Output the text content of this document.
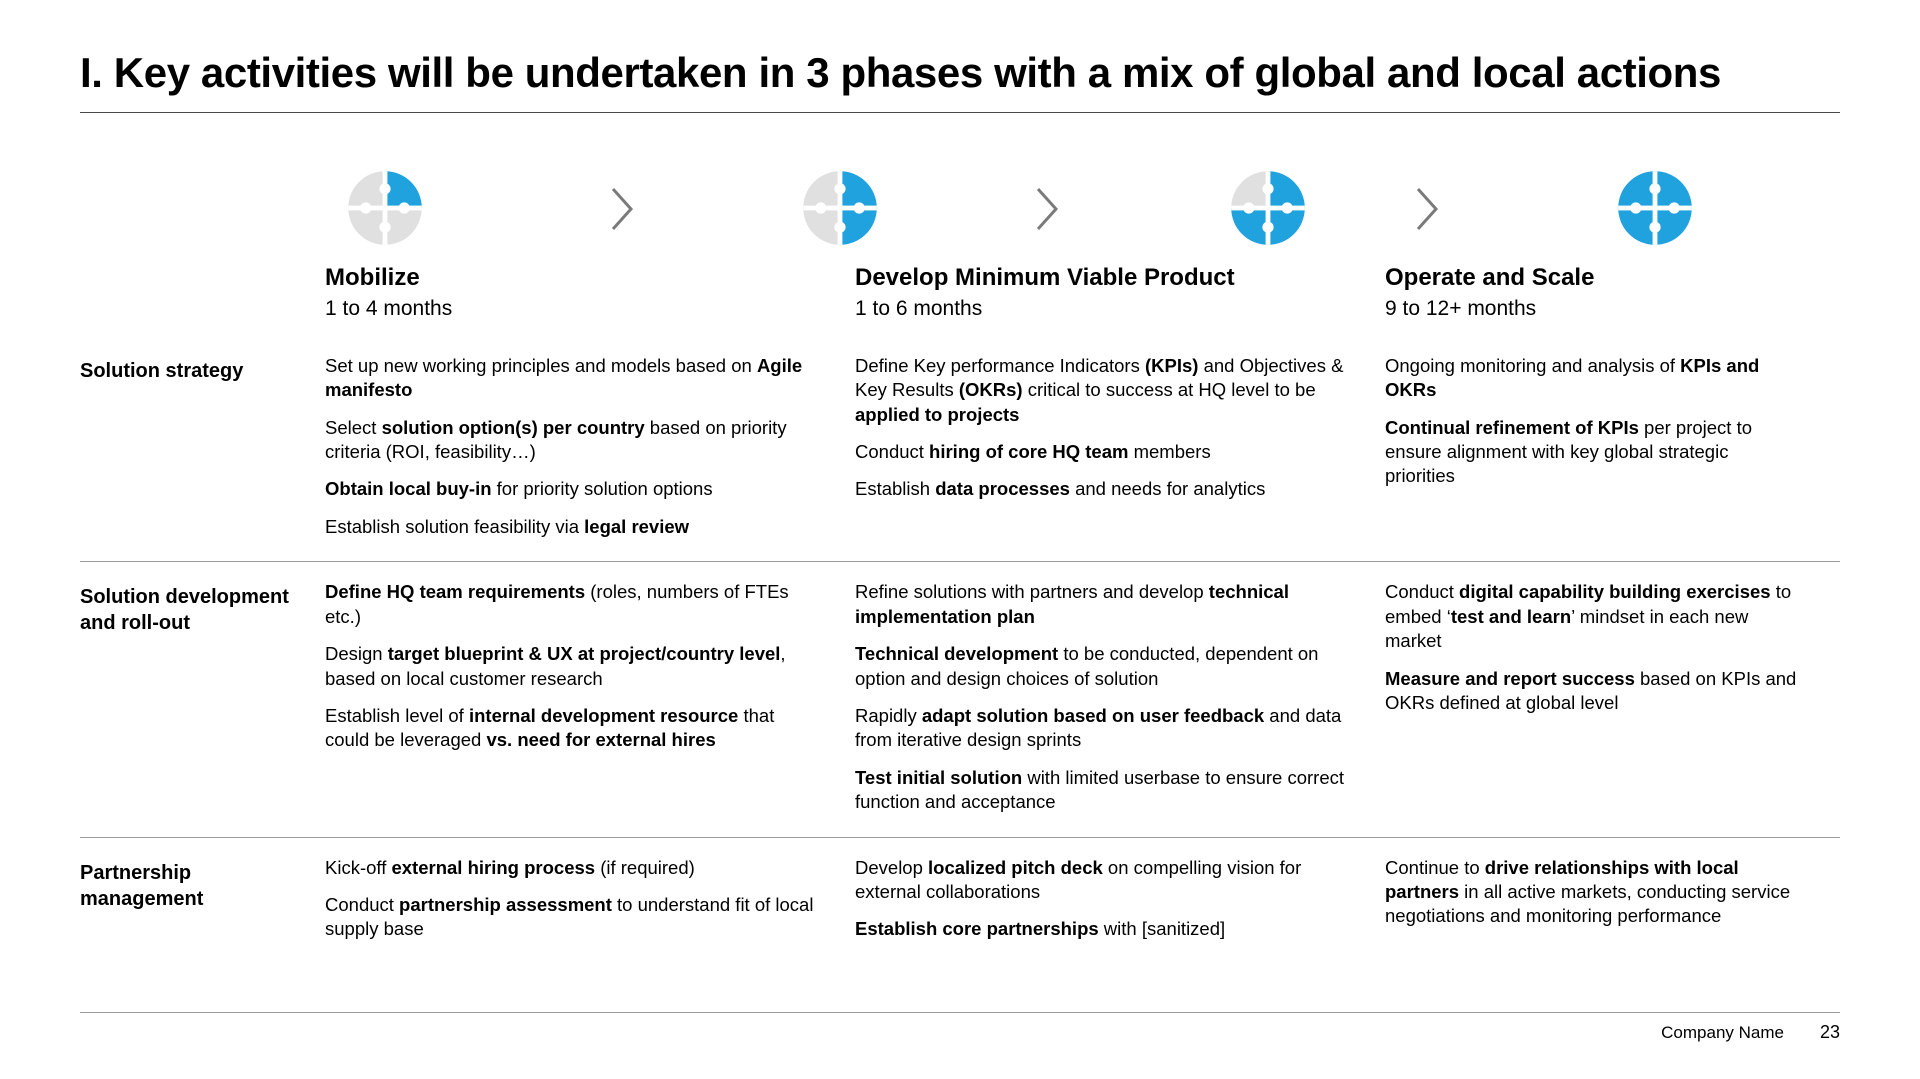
I. Key activities will be undertaken in 3 phases with a mix of global and local actions
Mobilize
1 to 4 months
Develop Minimum Viable Product
1 to 6 months
Operate and Scale
9 to 12+ months
Solution strategy	Set up new working principles and models based on Agile manifesto
Select solution option(s) per country based on priority criteria (ROI, feasibility…)
Obtain local buy-in for priority solution options
Establish solution feasibility via legal review
Define Key performance Indicators (KPIs) and Objectives & Key Results (OKRs) critical to success at HQ level to be applied to projects
Conduct hiring of core HQ team members
Establish data processes and needs for analytics
Ongoing monitoring and analysis of KPIs and OKRs
Continual refinement of KPIs per project to ensure alignment with key global strategic priorities
Solution development and roll-out
Define HQ team requirements (roles, numbers of FTEs etc.)
Design target blueprint & UX at project/country level, based on local customer research
Establish level of internal development resource that could be leveraged vs. need for external hires
Refine solutions with partners and develop technical implementation plan
Technical development to be conducted, dependent on option and design choices of solution
Rapidly adapt solution based on user feedback and data from iterative design sprints
Test initial solution with limited userbase to ensure correct function and acceptance
Conduct digital capability building exercises to embed ‘test and learn’ mindset in each new market
Measure and report success based on KPIs and OKRs defined at global level
Partnership management
Kick-off external hiring process (if required)
Conduct partnership assessment to understand fit of local supply base
Develop localized pitch deck on compelling vision for external collaborations
Establish core partnerships with [sanitized]
Continue to drive relationships with local partners in all active markets, conducting service negotiations and monitoring performance
Company Name 23
